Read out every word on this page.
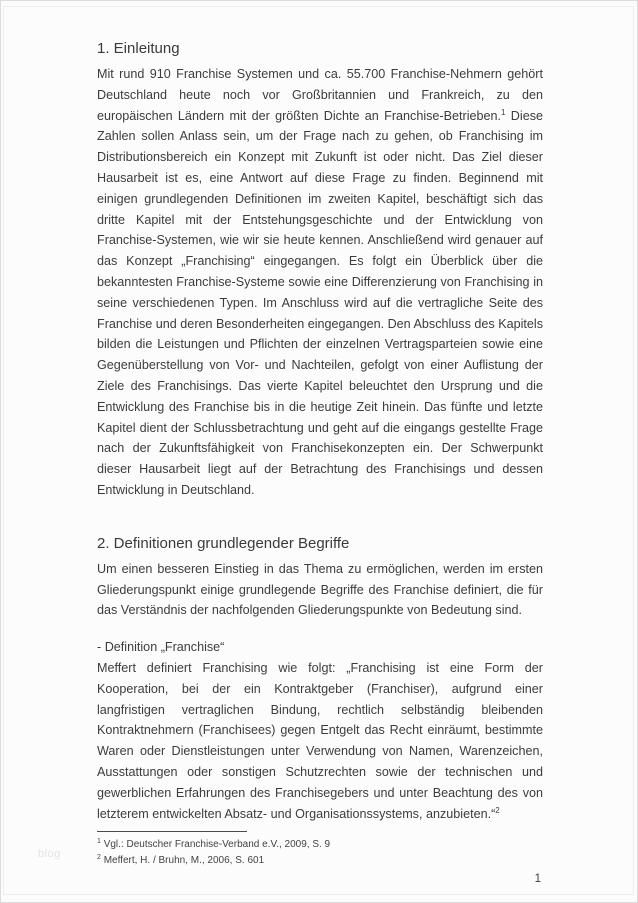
1. Einleitung

Mit rund 910 Franchise Systemen und ca. 55.700 Franchise-Nehmern gehört Deutschland heute noch vor Großbritannien und Frankreich, zu den europäischen Ländern mit der größten Dichte an Franchise-Betrieben.$^1$ Diese Zahlen sollen Anlass sein, um der Frage nach zu gehen, ob Franchising im Distributionsbereich ein Konzept mit Zukunft ist oder nicht. Das Ziel dieser Hausarbeit ist es, eine Antwort auf diese Frage zu finden. Beginnend mit einigen grundlegenden Definitionen im zweiten Kapitel, beschäftigt sich das dritte Kapitel mit der Entstehungsgeschichte und der Entwicklung von Franchise-Systemen, wie wir sie heute kennen. Anschließend wird genauer auf das Konzept „Franchising“ eingegangen. Es folgt ein Überblick über die bekanntesten Franchise-Systeme sowie eine Differenzierung von Franchising in seine verschiedenen Typen. Im Anschluss wird auf die vertragliche Seite des Franchise und deren Besonderheiten eingegangen. Den Abschluss des Kapitels bilden die Leistungen und Pflichten der einzelnen Vertragsparteien sowie eine Gegenüberstellung von Vor- und Nachteilen, gefolgt von einer Auflistung der Ziele des Franchisings. Das vierte Kapitel beleuchtet den Ursprung und die Entwicklung des Franchise bis in die heutige Zeit hinein. Das fünfte und letzte Kapitel dient der Schlussbetrachtung und geht auf die eingangs gestellte Frage nach der Zukunftsfähigkeit von Franchisekonzepten ein. Der Schwerpunkt dieser Hausarbeit liegt auf der Betrachtung des Franchisings und dessen Entwicklung in Deutschland.

2. Definitionen grundlegender Begriffe

Um einen besseren Einstieg in das Thema zu ermöglichen, werden im ersten Gliederungspunkt einige grundlegende Begriffe des Franchise definiert, die für das Verständnis der nachfolgenden Gliederungspunkte von Bedeutung sind.

- Definition „Franchise“

Meffert definiert Franchising wie folgt: „Franchising ist eine Form der Kooperation, bei der ein Kontraktgeber (Franchiser), aufgrund einer langfristigen vertraglichen Bindung, rechtlich selbständig bleibenden Kontraktnehmern (Franchisees) gegen Entgelt das Recht einräumt, bestimmte Waren oder Dienstleistungen unter Verwendung von Namen, Warenzeichen, Ausstattungen oder sonstigen Schutzrechten sowie der technischen und gewerblichen Erfahrungen des Franchisegebers und unter Beachtung des von letzterem entwickelten Absatz- und Organisationssystems, anzubieten.“$^2$

$^1$ Vgl.: Deutscher Franchise-Verband e.V., 2009, S. 9
$^2$ Meffert, H. / Bruhn, M., 2006, S. 601
1
blog
